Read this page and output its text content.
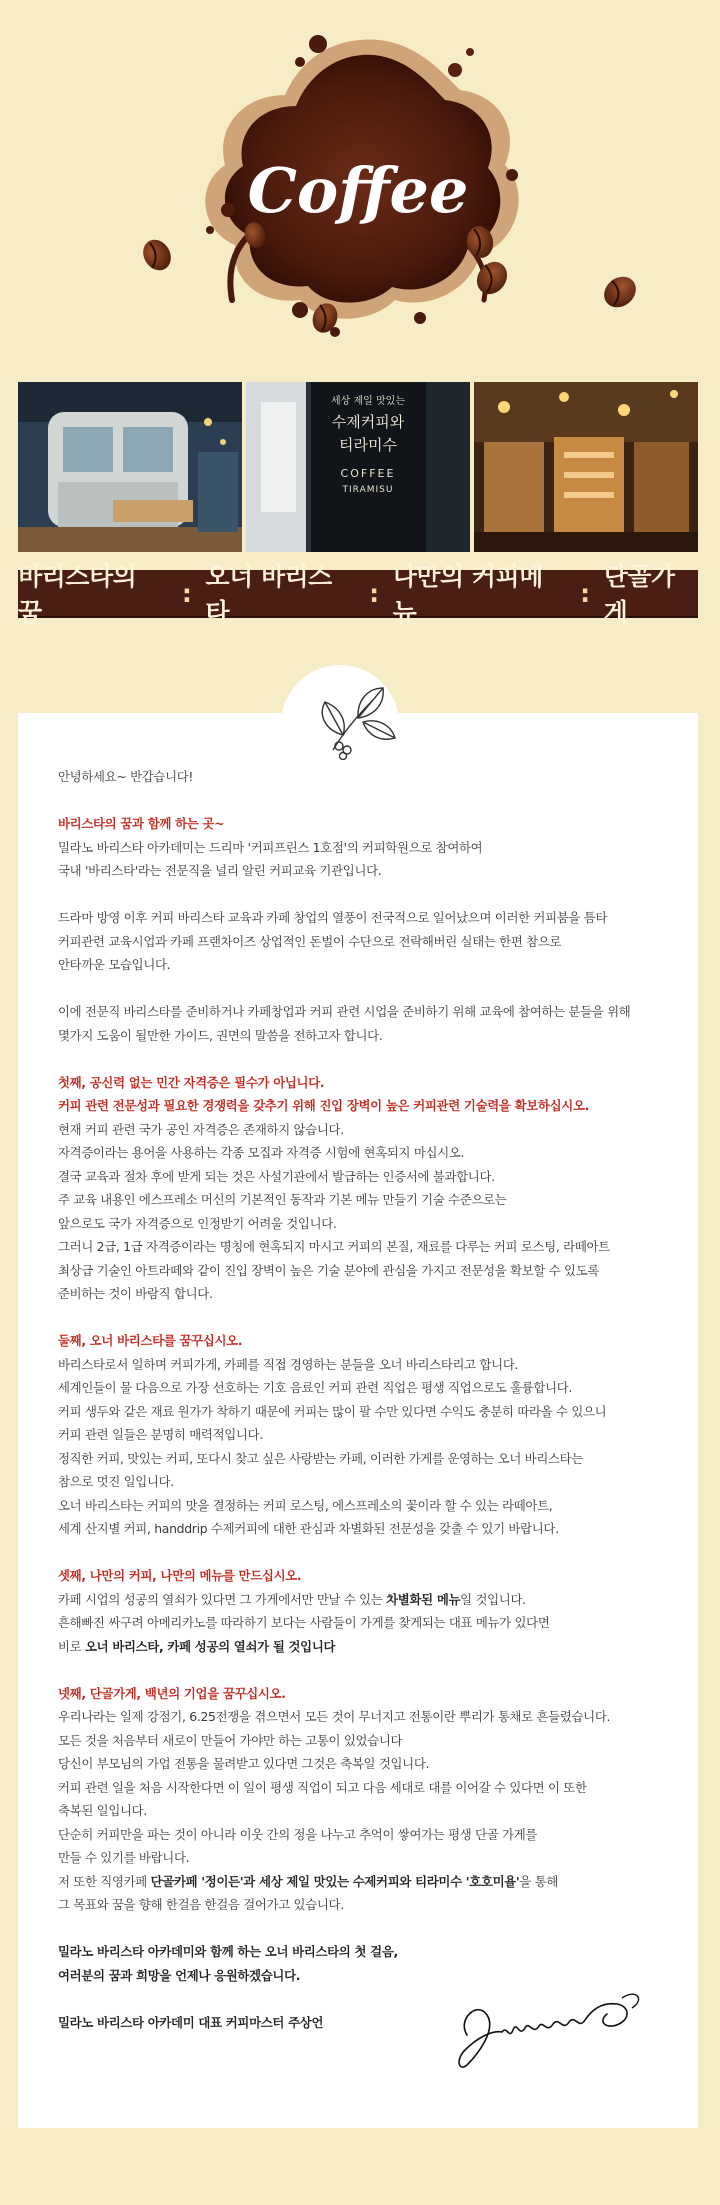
Coffee
세상 제일 맛있는
수제커피와
티라미수
COFFEE
TIRAMISU
바리스타의 꿈
:
오너 바리스타
:
나만의 커피메뉴
:
단골가게

안녕하세요~ 반갑습니다!

바리스타의 꿈과 함께 하는 곳~

밀라노 바리스타 아카데미는 드리마 '커피프린스 1호점'의 커피학원으로 참여하여

국내 '바리스타'라는 전문직을 널리 알린 커피교육 기관입니다.

드라마 방영 이후 커피 바리스타 교육과 카페 창업의 열풍이 전국적으로 일어났으며 이러한 커피붐을 틈타

커피관련 교육시업과 카페 프랜차이즈 상업적인 돈벌이 수단으로 전락해버린 실태는 한편 참으로

안타까운 모습입니다.

이에 전문직 바리스타를 준비하거나 카페창업과 커피 관련 시업을 준비하기 위해 교육에 참여하는 분들을 위해

몇가지 도움이 될만한 가이드, 권면의 말씀을 전하고자 합니다.

첫째, 공신력 없는 민간 자격증은 필수가 아닙니다.

커피 관련 전문성과 필요한 경쟁력을 갖추기 위해 진입 장벽이 높은 커피관련 기술력을 확보하십시오.

현재 커피 관련 국가 공인 자격증은 존재하지 않습니다.

자격증이라는 용어을 사용하는 각종 모집과 자격증 시험에 현혹되지 마십시오.

결국 교육과 절차 후에 받게 되는 것은 사설기관에서 발급하는 인증서에 불과합니다.

주 교육 내용인 에스프레소 머신의 기본적인 동작과 기본 메뉴 만들기 기술 수준으로는

앞으로도 국가 자격증으로 인정받기 어려울 것입니다.

그러니 2급, 1급 자격증이라는 명칭에 현혹되지 마시고 커피의 본질, 재료를 다루는 커피 로스팅, 라떼아트

최상급 기술인 아트라떼와 같이 진입 장벽이 높은 기술 분야에 관심을 가지고 전문성을 확보할 수 있도록

준비하는 것이 바람직 합니다.

둘째, 오너 바리스타를 꿈꾸십시오.

바리스타로서 일하며 커피가게, 카페를 직접 경영하는 분들을 오너 바리스타리고 합니다.

세계인들이 물 다음으로 가장 선호하는 기호 음료인 커피 관련 직업은 평생 직업으로도 훌륭합니다.

커피 생두와 같은 재료 원가가 착하기 때문에 커피는 많이 팔 수만 있다면 수익도 충분히 따라올 수 있으니

커피 관련 일들은 분명히 매력적입니다.

정직한 커피, 맛있는 커피, 또다시 찾고 싶은 사랑받는 카페, 이러한 가게를 운영하는 오너 바리스타는

참으로 멋진 일입니다.

오너 바리스타는 커피의 맛을 결정하는 커피 로스팅, 에스프레소의 꽃이라 할 수 있는 라떼아트,

세계 산지별 커피, handdrip 수제커피에 대한 관심과 차별화된 전문성을 갖출 수 있기 바랍니다.

셋째, 나만의 커피, 나만의 메뉴를 만드십시오.

카페 시업의 성공의 열쇠가 있다면 그 가게에서만 만날 수 있는 차별화된 메뉴일 것입니다.

흔해빠진 싸구려 아메리카노를 따라하기 보다는 사람들이 가게를 찾게되는 대표 메뉴가 있다면

비로 오너 바리스타, 카페 성공의 열쇠가 될 것입니다

넷째, 단골가게, 백년의 기업을 꿈꾸십시오.

우리나라는 일제 강점기, 6.25전쟁을 겪으면서 모든 것이 무너지고 전통이란 뿌리가 통채로 흔들렸습니다.

모든 것을 처음부터 새로이 만들어 가야만 하는 고통이 있었습니다

당신이 부모님의 가업 전통을 물려받고 있다면 그것은 축복일 것입니다.

커피 관련 일을 처음 시작한다면 이 일이 평생 직업이 되고 다음 세대로 대를 이어갈 수 있다면 이 또한

축복된 일입니다.

단순히 커피만을 파는 것이 아니라 이웃 간의 정을 나누고 추억이 쌓여가는 평생 단골 가게를

만들 수 있기를 바랍니다.

저 또한 직영카페 단골카페 '정이든'과 세상 제일 맛있는 수제커피와 티라미수 '호호미욜'을 통해

그 목표와 꿈을 향해 한걸음 한걸음 걸어가고 있습니다.

밀라노 바리스타 아카데미와 함께 하는 오너 바리스타의 첫 걸음,

여러분의 꿈과 희망을 언제나 응원하겠습니다.

밀라노 바리스타 아카데미 대표 커피마스터 주상언
